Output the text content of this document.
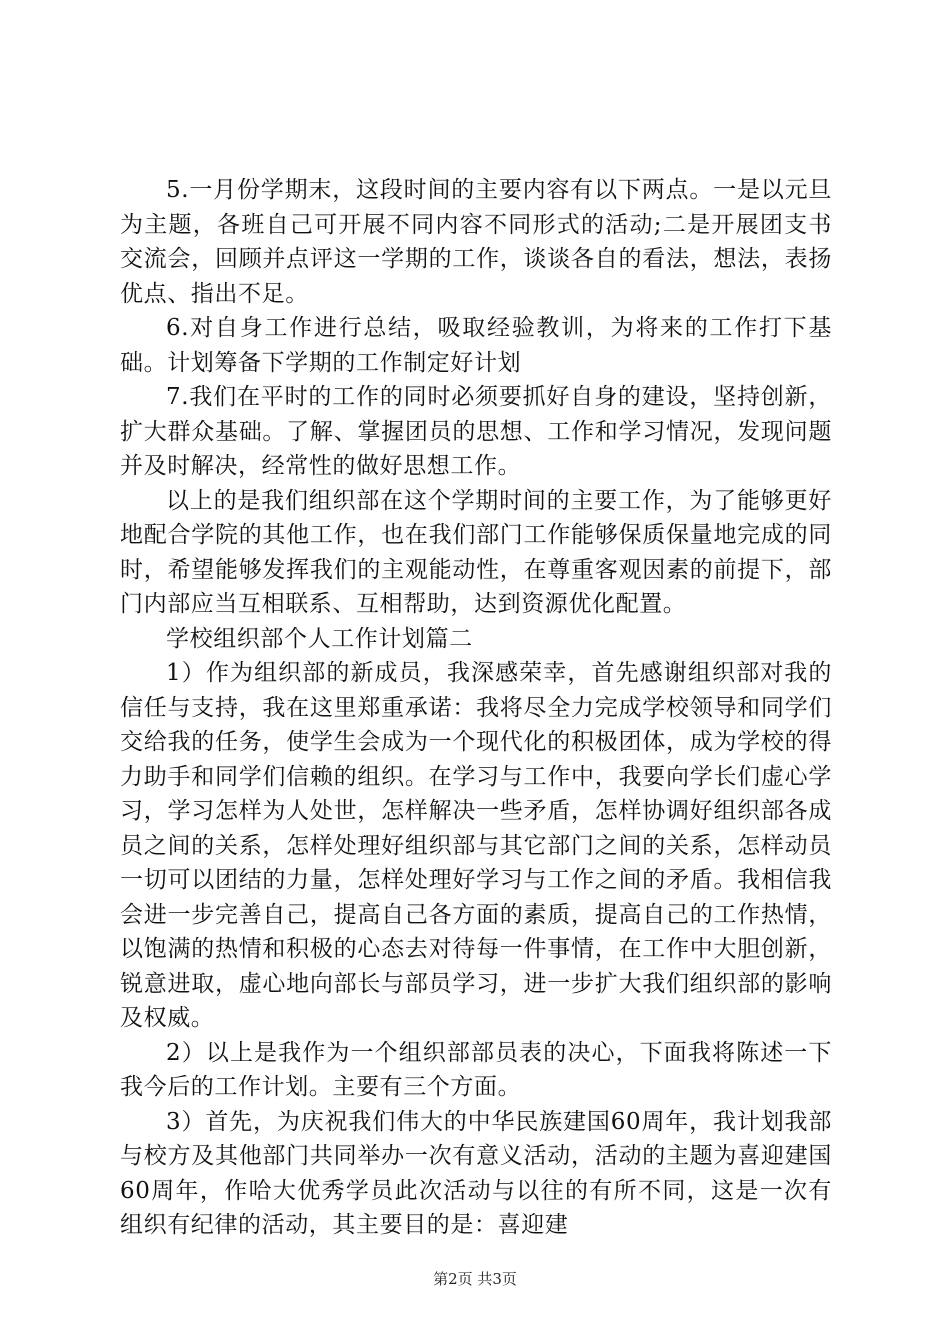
5.一月份学期末，这段时间的主要内容有以下两点。一是以元旦为主题，各班自己可开展不同内容不同形式的活动;二是开展团支书交流会，回顾并点评这一学期的工作，谈谈各自的看法，想法，表扬优点、指出不足。

6.对自身工作进行总结，吸取经验教训，为将来的工作打下基础。计划筹备下学期的工作制定好计划

7.我们在平时的工作的同时必须要抓好自身的建设，坚持创新，扩大群众基础。了解、掌握团员的思想、工作和学习情况，发现问题并及时解决，经常性的做好思想工作。

以上的是我们组织部在这个学期时间的主要工作，为了能够更好地配合学院的其他工作，也在我们部门工作能够保质保量地完成的同时，希望能够发挥我们的主观能动性，在尊重客观因素的前提下，部门内部应当互相联系、互相帮助，达到资源优化配置。

学校组织部个人工作计划篇二

1）作为组织部的新成员，我深感荣幸，首先感谢组织部对我的信任与支持，我在这里郑重承诺：我将尽全力完成学校领导和同学们交给我的任务，使学生会成为一个现代化的积极团体，成为学校的得力助手和同学们信赖的组织。在学习与工作中，我要向学长们虚心学习，学习怎样为人处世，怎样解决一些矛盾，怎样协调好组织部各成员之间的关系，怎样处理好组织部与其它部门之间的关系，怎样动员一切可以团结的力量，怎样处理好学习与工作之间的矛盾。我相信我会进一步完善自己，提高自己各方面的素质，提高自己的工作热情，以饱满的热情和积极的心态去对待每一件事情，在工作中大胆创新，锐意进取，虚心地向部长与部员学习，进一步扩大我们组织部的影响及权威。

2）以上是我作为一个组织部部员表的决心，下面我将陈述一下我今后的工作计划。主要有三个方面。

3）首先，为庆祝我们伟大的中华民族建国60周年，我计划我部与校方及其他部门共同举办一次有意义活动，活动的主题为喜迎建国60周年，作哈大优秀学员此次活动与以往的有所不同，这是一次有组织有纪律的活动，其主要目的是：喜迎建

第2页 共3页
